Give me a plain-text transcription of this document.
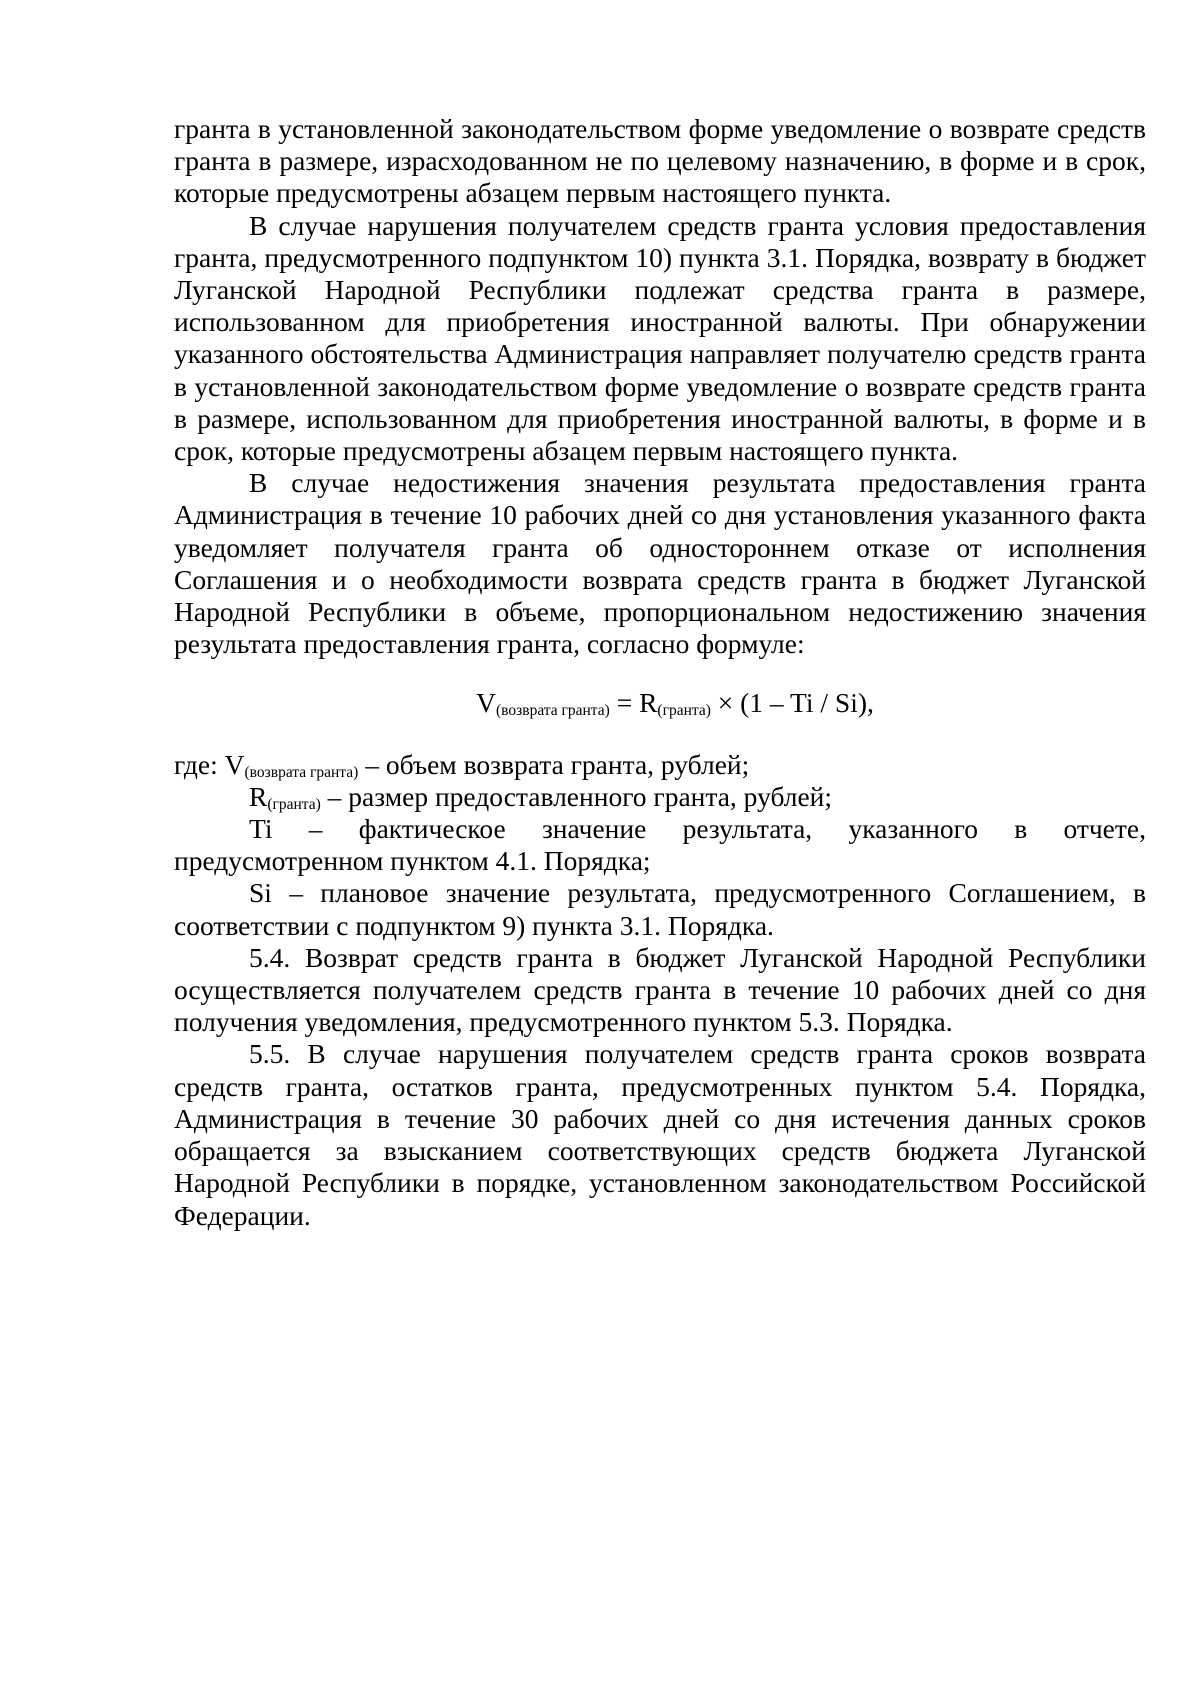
гранта в установленной законодательством форме уведомление о возврате средств гранта в размере, израсходованном не по целевому назначению, в форме и в срок, которые предусмотрены абзацем первым настоящего пункта.

В случае нарушения получателем средств гранта условия предоставления гранта, предусмотренного подпунктом 10) пункта 3.1. Порядка, возврату в бюджет Луганской Народной Республики подлежат средства гранта в размере, использованном для приобретения иностранной валюты. При обнаружении указанного обстоятельства Администрация направляет получателю средств гранта в установленной законодательством форме уведомление о возврате средств гранта в размере, использованном для приобретения иностранной валюты, в форме и в срок, которые предусмотрены абзацем первым настоящего пункта.

В случае недостижения значения результата предоставления гранта Администрация в течение 10 рабочих дней со дня установления указанного факта уведомляет получателя гранта об одностороннем отказе от исполнения Соглашения и о необходимости возврата средств гранта в бюджет Луганской Народной Республики в объеме, пропорциональном недостижению значения результата предоставления гранта, согласно формуле:

$V_{(возврата гранта)} = R_{(гранта)} \times (1 - Ti / Si)$,

где: $V_{(возврата гранта)}$ – объем возврата гранта, рублей;

$R_{(гранта)}$ – размер предоставленного гранта, рублей;

Ti – фактическое значение результата, указанного в отчете, предусмотренном пунктом 4.1. Порядка;

Si – плановое значение результата, предусмотренного Соглашением, в соответствии с подпунктом 9) пункта 3.1. Порядка.

5.4. Возврат средств гранта в бюджет Луганской Народной Республики осуществляется получателем средств гранта в течение 10 рабочих дней со дня получения уведомления, предусмотренного пунктом 5.3. Порядка.

5.5. В случае нарушения получателем средств гранта сроков возврата средств гранта, остатков гранта, предусмотренных пунктом 5.4. Порядка, Администрация в течение 30 рабочих дней со дня истечения данных сроков обращается за взысканием соответствующих средств бюджета Луганской Народной Республики в порядке, установленном законодательством Российской Федерации.
